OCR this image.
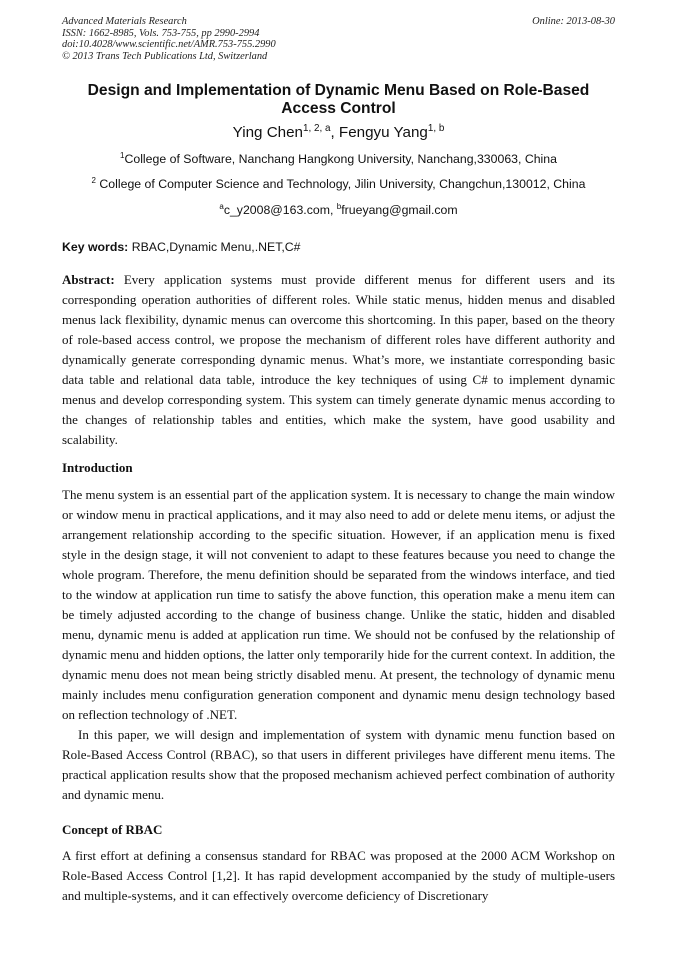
Advanced Materials Research
ISSN: 1662-8985, Vols. 753-755, pp 2990-2994
doi:10.4028/www.scientific.net/AMR.753-755.2990
© 2013 Trans Tech Publications Ltd, Switzerland
Online: 2013-08-30
Design and Implementation of Dynamic Menu Based on Role-Based Access Control
Ying Chen$^{1, 2, a}$, Fengyu Yang$^{1, b}$
$^1$College of Software, Nanchang Hangkong University, Nanchang,330063, China
$^2$ College of Computer Science and Technology, Jilin University, Changchun,130012, China
$^a$c_y2008@163.com, $^b$frueyang@gmail.com
Key words: RBAC,Dynamic Menu,.NET,C#

Abstract: Every application systems must provide different menus for different users and its corresponding operation authorities of different roles. While static menus, hidden menus and disabled menus lack flexibility, dynamic menus can overcome this shortcoming. In this paper, based on the theory of role-based access control, we propose the mechanism of different roles have different authority and dynamically generate corresponding dynamic menus. What’s more, we instantiate corresponding basic data table and relational data table, introduce the key techniques of using C# to implement dynamic menus and develop corresponding system. This system can timely generate dynamic menus according to the changes of relationship tables and entities, which make the system, have good usability and scalability.

Introduction

The menu system is an essential part of the application system. It is necessary to change the main window or window menu in practical applications, and it may also need to add or delete menu items, or adjust the arrangement relationship according to the specific situation. However, if an application menu is fixed style in the design stage, it will not convenient to adapt to these features because you need to change the whole program. Therefore, the menu definition should be separated from the windows interface, and tied to the window at application run time to satisfy the above function, this operation make a menu item can be timely adjusted according to the change of business change. Unlike the static, hidden and disabled menu, dynamic menu is added at application run time. We should not be confused by the relationship of dynamic menu and hidden options, the latter only temporarily hide for the current context. In addition, the dynamic menu does not mean being strictly disabled menu. At present, the technology of dynamic menu mainly includes menu configuration generation component and dynamic menu design technology based on reflection technology of .NET.

In this paper, we will design and implementation of system with dynamic menu function based on Role-Based Access Control (RBAC), so that users in different privileges have different menu items. The practical application results show that the proposed mechanism achieved perfect combination of authority and dynamic menu.

Concept of RBAC

A first effort at defining a consensus standard for RBAC was proposed at the 2000 ACM Workshop on Role-Based Access Control [1,2]. It has rapid development accompanied by the study of multiple-users and multiple-systems, and it can effectively overcome deficiency of Discretionary
